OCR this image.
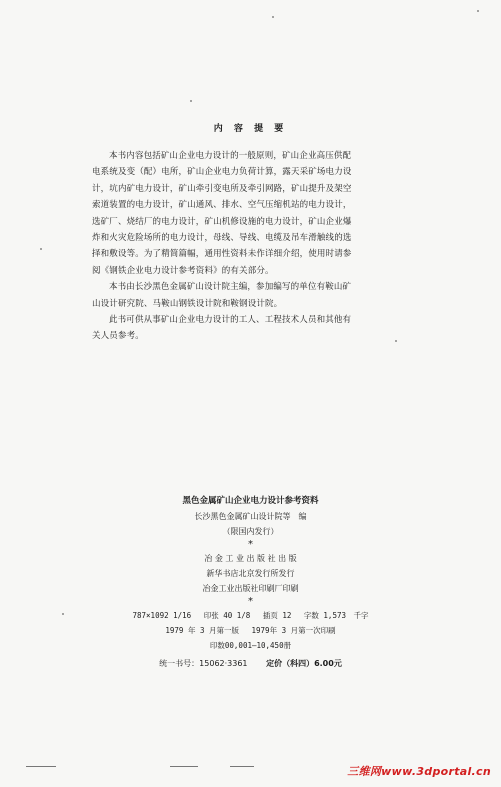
内 容 提 要

本书内容包括矿山企业电力设计的一般原则，矿山企业高压供配
电系统及变（配）电所，矿山企业电力负荷计算，露天采矿场电力设
计，坑内矿电力设计，矿山牵引变电所及牵引网路，矿山提升及架空
索道装置的电力设计，矿山通风、排水、空气压缩机站的电力设计，
选矿厂、烧结厂的电力设计，矿山机修设施的电力设计，矿山企业爆
炸和火灾危险场所的电力设计，母线、导线、电缆及吊车滑触线的选
择和敷设等。为了精简篇幅，通用性资料未作详细介绍，使用时请参
阅《钢铁企业电力设计参考资料》的有关部分。

本书由长沙黑色金属矿山设计院主编，参加编写的单位有鞍山矿
山设计研究院、马鞍山钢铁设计院和鞍钢设计院。

此书可供从事矿山企业电力设计的工人、工程技术人员和其他有
关人员参考。

黑色金属矿山企业电力设计参考资料
长沙黑色金属矿山设计院等　编
（限国内发行）
*
冶 金 工 业 出 版 社 出 版
新华书店北京发行所发行
冶金工业出版社印刷厂印刷
*
787×1092 1/16 印张 40 1/8 插页 12 字数 1,573　千字
1979 年 3 月第一版 1979年 3 月第一次印刷
印数00,001—10,450册
统一书号：15062·3361 定价（科四）6.00元
三维网www.3dportal.cn
